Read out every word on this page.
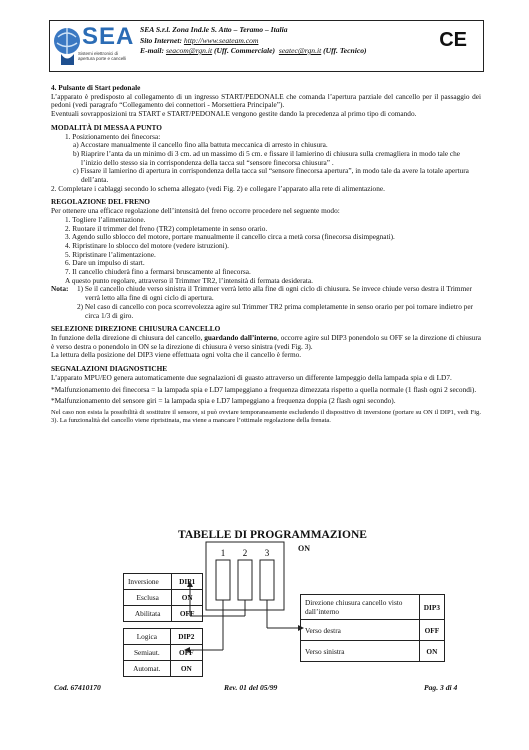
SEA
Sistemi elettronici di apertura porte e cancelli
SEA S.r.l. Zona Ind.le S. Atto – Teramo – Italia
Sito Internet: http://www.seateam.com
E-mail: seacom@rgn.it (Uff. Commerciale) seatec@rgn.it (Uff. Tecnico)	CE

4. Pulsante di Start pedonale

L’apparato è predisposto al collegamento di un ingresso START/PEDONALE che comanda l’apertura parziale del cancello per il passaggio dei pedoni (vedi paragrafo “Collegamento dei connettori - Morsettiera Principale”).

Eventuali sovrapposizioni tra START e START/PEDONALE vengono gestite dando la precedenza al primo tipo di comando.

MODALITÀ DI MESSA A PUNTO

1. Posizionamento dei finecorsa:

a) Accostare manualmente il cancello fino alla battuta meccanica di arresto in chiusura.

b) Riaprire l’anta da un minimo di 3 cm. ad un massimo di 5 cm. e fissare il lamierino di chiusura sulla cremagliera in modo tale che l’inizio dello stesso sia in corrispondenza della tacca sul “sensore finecorsa chiusura” .

c) Fissare il lamierino di apertura in corrispondenza della tacca sul “sensore finecorsa apertura”, in modo tale da avere la totale apertura dell’anta.

2. Completare i cablaggi secondo lo schema allegato (vedi Fig. 2) e collegare l’apparato alla rete di alimentazione.

REGOLAZIONE DEL FRENO

Per ottenere una efficace regolazione dell’intensità del freno occorre procedere nel seguente modo:

1. Togliere l’alimentazione.

2. Ruotare il trimmer del freno (TR2) completamente in senso orario.

3. Agendo sullo sblocco del motore, portare manualmente il cancello circa a metà corsa (finecorsa disimpegnati).

4. Ripristinare lo sblocco del motore (vedere istruzioni).

5. Ripristinare l’alimentazione.

6. Dare un impulso di start.

7. Il cancello chiuderà fino a fermarsi bruscamente al finecorsa.

A questo punto regolare, attraverso il Trimmer TR2, l’intensità di fermata desiderata.

Nota:	1) Se il cancello chiude verso sinistra il Trimmer verrà letto alla fine di ogni ciclo di chiusura. Se invece chiude verso destra il Trimmer verrà letto alla fine di ogni ciclo di apertura.

2) Nel caso di cancello con poca scorrevolezza agire sul Trimmer TR2 prima completamente in senso orario per poi tornare indietro per circa 1/3 di giro.

SELEZIONE DIREZIONE CHIUSURA CANCELLO

In funzione della direzione di chiusura del cancello, guardando dall’interno, occorre agire sul DIP3 ponendolo su OFF se la direzione di chiusura è verso destra o ponendolo in ON se la direzione di chiusura è verso sinistra (vedi Fig. 3).

La lettura della posizione del DIP3 viene effettuata ogni volta che il cancello è fermo.

SEGNALAZIONI DIAGNOSTICHE

L’apparato MPU/EO genera automaticamente due segnalazioni di guasto attraverso un differente lampeggio della lampada spia e di LD7.

*Malfunzionamento dei finecorsa = la lampada spia e LD7 lampeggiano a frequenza dimezzata rispetto a quella normale (1 flash ogni 2 secondi).

*Malfunzionamento del sensore giri = la lampada spia e LD7 lampeggiano a frequenza doppia (2 flash ogni secondo).

Nel caso non esista la possibilità di sostituire il sensore, si può ovviare temporaneamente escludendo il dispositivo di inversione (portare su ON il DIP1, vedi Fig. 3). La funzionalità del cancello viene ripristinata, ma viene a mancare l’ottimale regolazione della frenata.

TABELLE DI PROGRAMMAZIONE
1 2 3	ON
Inversione	DIP1
Esclusa	ON
Abilitata	OFF
Logica	DIP2
Semiaut.	OFF
Automat.	ON
Direzione chiusura cancello visto dall’interno	DIP3
Verso destra	OFF
Verso sinistra	ON
Cod. 67410170	Rev. 01 del 05/99	Pag. 3 di 4
